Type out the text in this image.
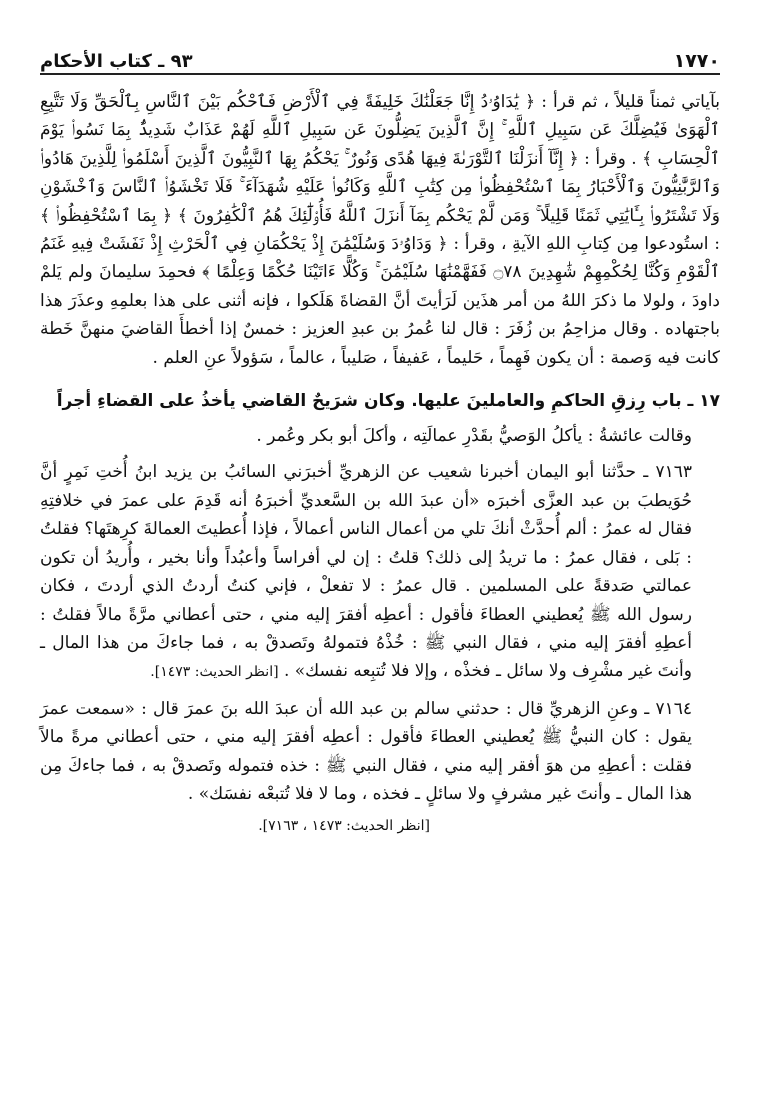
١٧٧٠
٩٣ ـ كتاب الأحكام

بآياتي ثمناً قليلاً ، ثم قرأ : ﴿ يَٰدَاوُۥدُ إِنَّا جَعَلْنَٰكَ خَلِيفَةً فِي ٱلْأَرْضِ فَٱحْكُم بَيْنَ ٱلنَّاسِ بِٱلْحَقِّ وَلَا تَتَّبِعِ ٱلْهَوَىٰ فَيُضِلَّكَ عَن سَبِيلِ ٱللَّهِ ۚ إِنَّ ٱلَّذِينَ يَضِلُّونَ عَن سَبِيلِ ٱللَّهِ لَهُمْ عَذَابٌ شَدِيدٌۢ بِمَا نَسُوا۟ يَوْمَ ٱلْحِسَابِ ﴾ . وقرأ : ﴿ إِنَّآ أَنزَلْنَا ٱلتَّوْرَىٰةَ فِيهَا هُدًى وَنُورٌ ۚ يَحْكُمُ بِهَا ٱلنَّبِيُّونَ ٱلَّذِينَ أَسْلَمُوا۟ لِلَّذِينَ هَادُوا۟ وَٱلرَّبَّٰنِيُّونَ وَٱلْأَحْبَارُ بِمَا ٱسْتُحْفِظُوا۟ مِن كِتَٰبِ ٱللَّهِ وَكَانُوا۟ عَلَيْهِ شُهَدَآءَ ۚ فَلَا تَخْشَوُا۟ ٱلنَّاسَ وَٱخْشَوْنِ وَلَا تَشْتَرُوا۟ بِـَٔايَٰتِي ثَمَنًا قَلِيلًا ۚ وَمَن لَّمْ يَحْكُم بِمَآ أَنزَلَ ٱللَّهُ فَأُو۟لَٰٓئِكَ هُمُ ٱلْكَٰفِرُونَ ﴾ ﴿ بِمَا ٱسْتُحْفِظُوا۟ ﴾ : استُودعوا مِن كِتابِ اللهِ الآيةِ ، وقرأ : ﴿ وَدَاوُۥدَ وَسُلَيْمَٰنَ إِذْ يَحْكُمَانِ فِي ٱلْحَرْثِ إِذْ نَفَشَتْ فِيهِ غَنَمُ ٱلْقَوْمِ وَكُنَّا لِحُكْمِهِمْ شَٰهِدِينَ ۝٧٨ فَفَهَّمْنَٰهَا سُلَيْمَٰنَ ۚ وَكُلًّا ءَاتَيْنَا حُكْمًا وَعِلْمًا ﴾ فحمِدَ سليمانَ ولم يَلمْ داودَ ، ولولا ما ذكرَ اللهُ من أمر هذَين لَرَأيتَ أنَّ القضاةَ هَلَكوا ، فإنه أثنى على هذا بعلمِهِ وعذَرَ هذا باجتهاده . وقال مزاحِمُ بن زُفَرَ : قال لنا عُمرُ بن عبدِ العزيز : خمسٌ إذا أخطأَ القاضيَ منهنَّ خَطة كانت فيه وَصمة : أن يكون فَهِماً ، حَليماً ، عَفيفاً ، صَليباً ، عالماً ، سَؤولاً عنِ العلم .

١٧ ـ باب رِزقِ الحاكمِ والعاملينَ عليها. وكان شرَيحٌ القاضي يأخذُ على القضاءِ أجراً

وقالت عائشةُ : يأكلُ الوَصيُّ بقَدْرِ عمالَتِه ، وأكلَ أبو بكر وعُمر .

٧١٦٣ ـ حدَّثنا أبو اليمان أخبرنا شعيب عن الزهريِّ أخبرَني السائبُ بن يزيد ابنُ أُختِ نَمِرٍ أنَّ حُوَيطبَ بن عبد العزَّى أخبرَه «أن عبدَ الله بن السَّعديِّ أخبرَهُ أنه قَدِمَ على عمرَ في خلافتِهِ فقال له عمرُ : ألم أُحدَّثْ أنكَ تلي من أعمال الناس أعمالاً ، فإذا أُعطيتَ العمالةَ كرِهتَها؟ فقلتُ : بَلى ، فقال عمرُ : ما تريدُ إلى ذلك؟ قلتُ : إن لي أفراساً وأعبُداً وأنا بخير ، وأُريدُ أن تكون عمالتي صَدقةً على المسلمين . قال عمرُ : لا تفعلْ ، فإني كنتُ أردتُ الذي أردتَ ، فكان رسول الله ﷺ يُعطيني العطاءَ فأقول : أعطِه أفقرَ إليه مني ، حتى أعطاني مرَّةً مالاً فقلتُ : أعطِهِ أفقرَ إليه مني ، فقال النبي ﷺ : خُذْهُ فتمولهُ وتَصدقْ به ، فما جاءكَ من هذا المال ـ وأنتَ غير مشْرِف ولا سائل ـ فخذْه ، وإلا فلا تُتبِعه نفسك» . [انظر الحديث: ١٤٧٣].

٧١٦٤ ـ وعنِ الزهريِّ قال : حدثني سالم بن عبد الله أن عبدَ الله بنَ عمرَ قال : «سمعت عمرَ يقول : كان النبيُّ ﷺ يُعطيني العطاءَ فأقول : أعطِه أفقرَ إليه مني ، حتى أعطاني مرةً مالاً فقلت : أعطِهِ من هوَ أفقر إليه مني ، فقال النبي ﷺ : خذه فتموله وتَصدقْ به ، فما جاءكَ مِن هذا المال ـ وأنتَ غير مشرفٍ ولا سائلٍ ـ فخذه ، وما لا فلا تُتبعْه نفسَك» .

[انظر الحديث: ١٤٧٣ ، ٧١٦٣].
